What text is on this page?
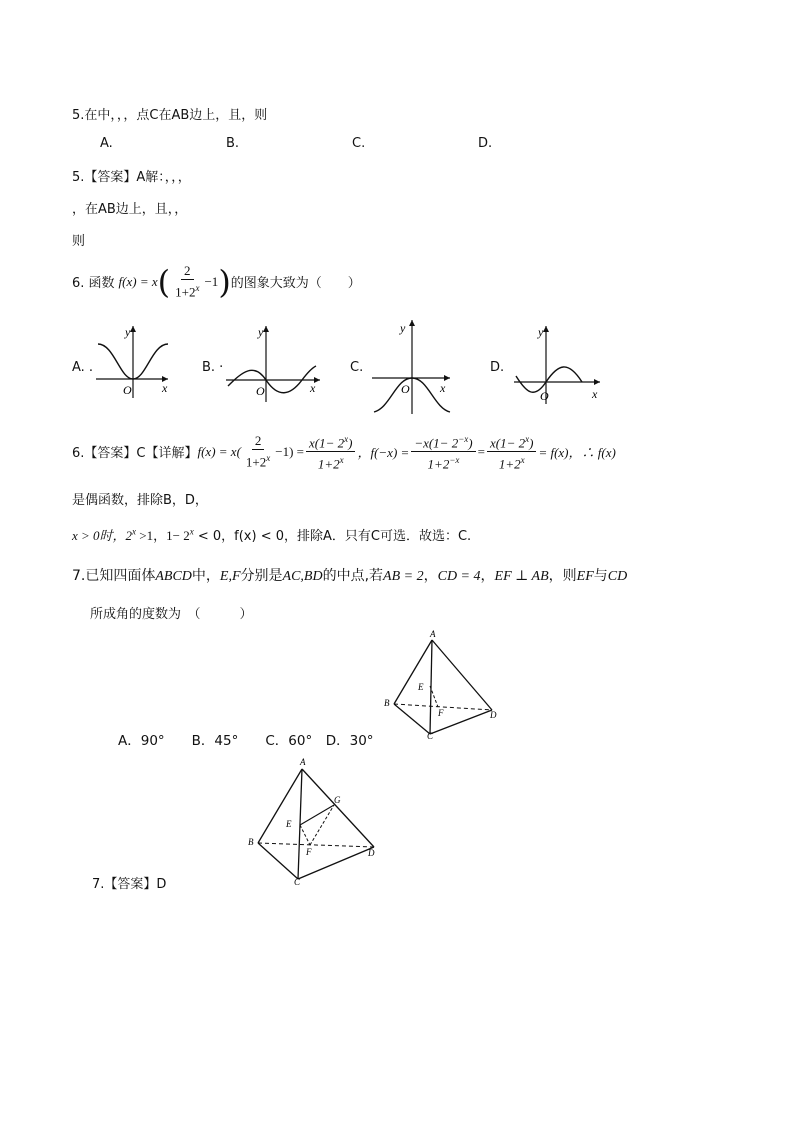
5.在中，，，点C在AB边上，且，则
A.	B.	C.	D.
5.【答案】A解：，，，
，在AB边上，且，，
则
6. 函数 f(x) = x ( $\frac{2}{1+2^x} -1$ ) 的图象大致为（　　）
A. .	B. ·	C.	D.
y
x
O
y
x
O
y
x
O
y
x
O
6.【答案】C【详解】 $f(x) = x( \frac{2}{1+2^x} -1) = \frac{x(1- 2^x)}{1+2^x}$ ，$f(-x) = \frac{-x(1- 2^{-x})}{1+2^{-x}} = \frac{x(1- 2^x)}{1+2^x} = f(x)$，∴ f(x)
是偶函数，排除B，D，
x > 0时，$2^x >1$，$1- 2^x < 0$，f(x) < 0，排除A．只有C可选．故选：C.
7.已知四面体ABCD中，E,F分别是AC,BD的中点,若AB = 2，CD = 4，EF ⊥ AB，则EF与CD
所成角的度数为　（　　　）
A
B
C
D
E
F
A．90°　　B．45°　　C．60°　D．30°
A
B
C
D
E
F
G
7.【答案】D
